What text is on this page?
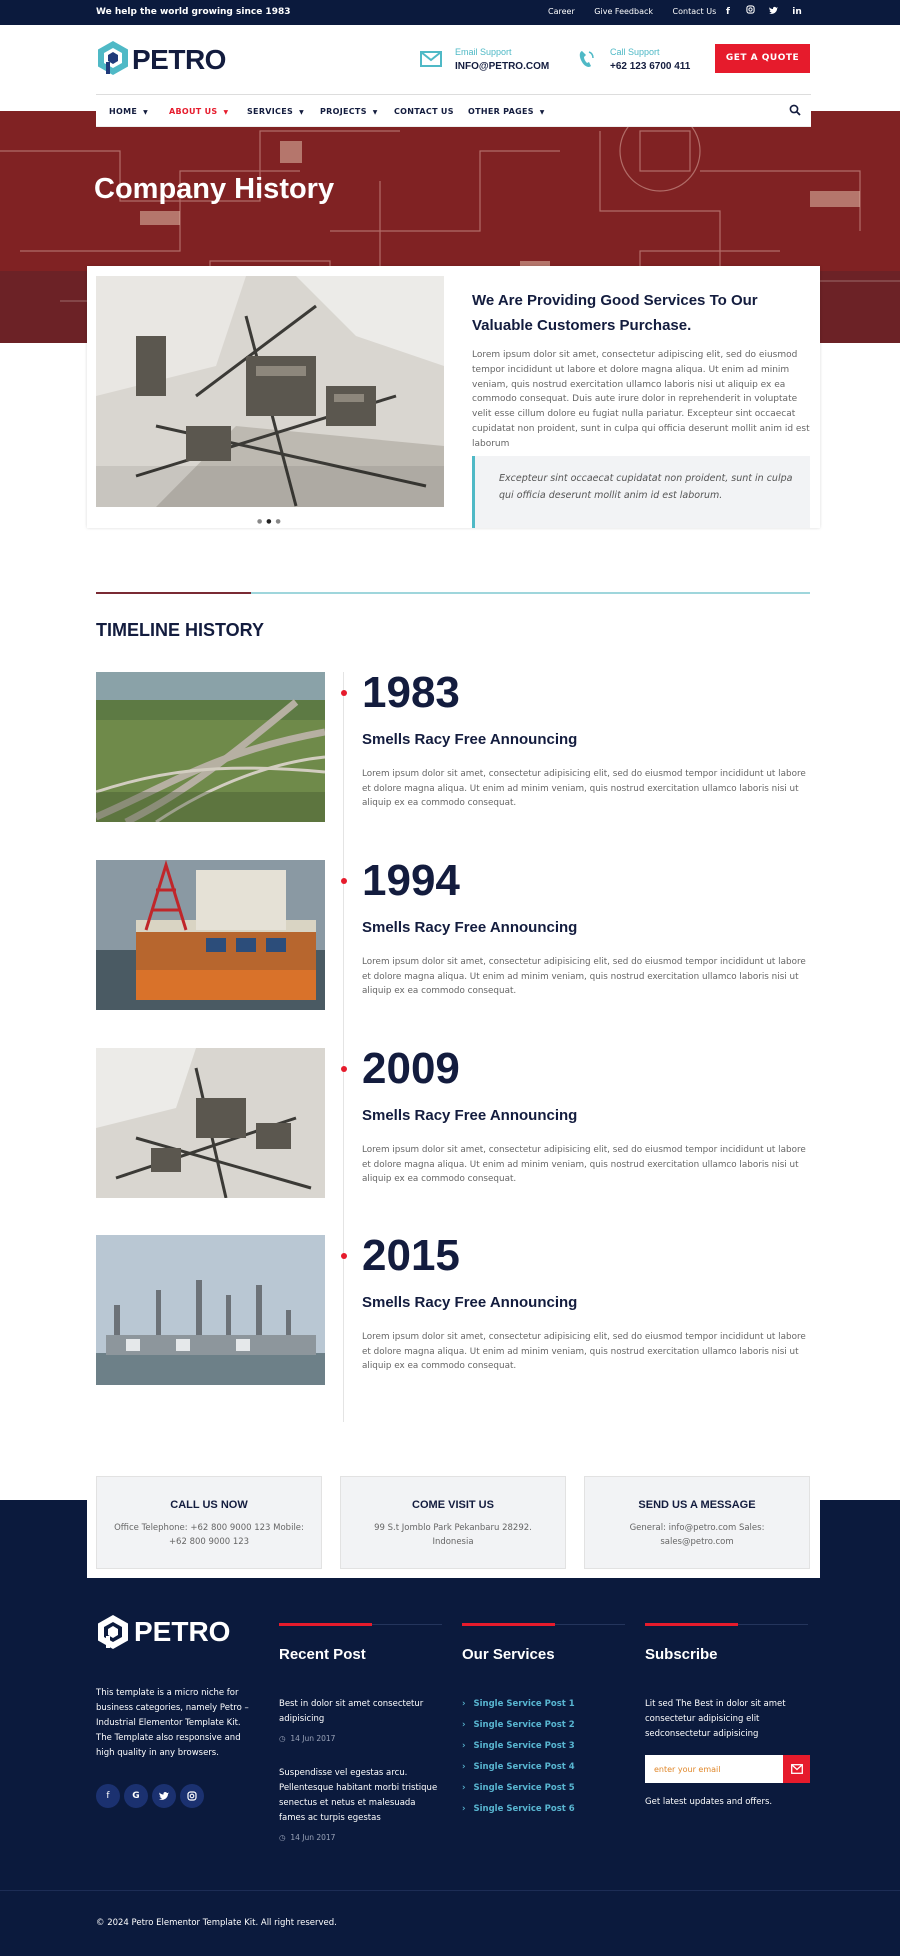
We help the world growing since 1983	Career Give Feedback Contact Us	f	in
PETRO	Email Support
INFO@PETRO.COM
Call Support
+62 123 6700 411
GET A QUOTE
Company History
HOME ▼	ABOUT US ▼ SERVICES ▼ PROJECTS ▼ CONTACT US OTHER PAGES ▼
●●●
We Are Providing Good Services To Our Valuable Customers Purchase.

Lorem ipsum dolor sit amet, consectetur adipiscing elit, sed do eiusmod tempor incididunt ut labore et dolore magna aliqua. Ut enim ad minim veniam, quis nostrud exercitation ullamco laboris nisi ut aliquip ex ea commodo consequat. Duis aute irure dolor in reprehenderit in voluptate velit esse cillum dolore eu fugiat nulla pariatur. Excepteur sint occaecat cupidatat non proident, sunt in culpa qui officia deserunt mollit anim id est laborum

Excepteur sint occaecat cupidatat non proident, sunt in culpa qui officia deserunt mollit anim id est laborum.

TIMELINE HISTORY
1983
Smells Racy Free Announcing

Lorem ipsum dolor sit amet, consectetur adipisicing elit, sed do eiusmod tempor incididunt ut labore et dolore magna aliqua. Ut enim ad minim veniam, quis nostrud exercitation ullamco laboris nisi ut aliquip ex ea commodo consequat.

1994
Smells Racy Free Announcing

Lorem ipsum dolor sit amet, consectetur adipisicing elit, sed do eiusmod tempor incididunt ut labore et dolore magna aliqua. Ut enim ad minim veniam, quis nostrud exercitation ullamco laboris nisi ut aliquip ex ea commodo consequat.

2009
Smells Racy Free Announcing

Lorem ipsum dolor sit amet, consectetur adipisicing elit, sed do eiusmod tempor incididunt ut labore et dolore magna aliqua. Ut enim ad minim veniam, quis nostrud exercitation ullamco laboris nisi ut aliquip ex ea commodo consequat.

2015
Smells Racy Free Announcing

Lorem ipsum dolor sit amet, consectetur adipisicing elit, sed do eiusmod tempor incididunt ut labore et dolore magna aliqua. Ut enim ad minim veniam, quis nostrud exercitation ullamco laboris nisi ut aliquip ex ea commodo consequat.

CALL US NOW
Office Telephone: +62 800 9000 123 Mobile: +62 800 9000 123
COME VISIT US
99 S.t Jomblo Park Pekanbaru 28292. Indonesia
SEND US A MESSAGE
General: info@petro.com Sales: sales@petro.com
PETRO

This template is a micro niche for business categories, namely Petro – Industrial Elementor Template Kit. The Template also responsive and high quality in any browsers.

f	G
Recent Post
Best in dolor sit amet consectetur adipisicing
◷ 14 Jun 2017
Suspendisse vel egestas arcu. Pellentesque habitant morbi tristique senectus et netus et malesuada fames ac turpis egestas
◷ 14 Jun 2017
Our Services
› Single Service Post 1
› Single Service Post 2
› Single Service Post 3
› Single Service Post 4
› Single Service Post 5
› Single Service Post 6
Subscribe

Lit sed The Best in dolor sit amet consectetur adipisicing elit sedconsectetur adipisicing

enter your email
Get latest updates and offers.
© 2024 Petro Elementor Template Kit. All right reserved.
